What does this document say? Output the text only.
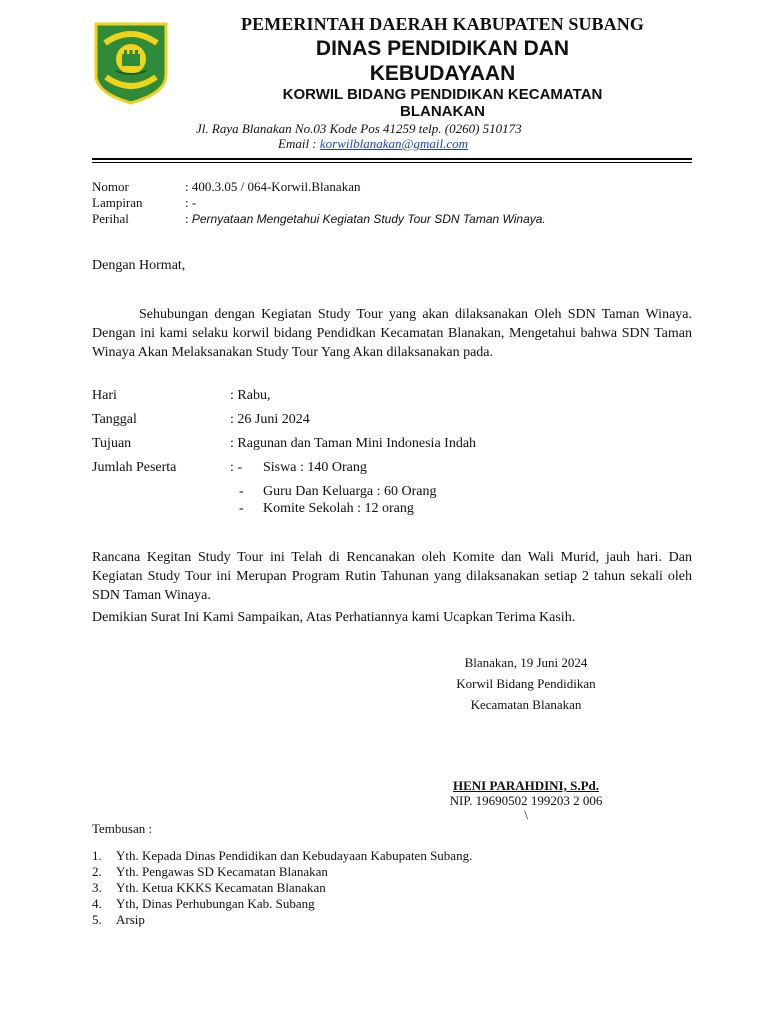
PEMERINTAH DAERAH KABUPATEN SUBANG
DINAS PENDIDIKAN DAN
KEBUDAYAAN
KORWIL BIDANG PENDIDIKAN KECAMATAN
BLANAKAN
Jl. Raya Blanakan No.03 Kode Pos 41259 telp. (0260) 510173
Email : korwilblanakan@gmail.com
Nomor	: 400.3.05 / 064-Korwil.Blanakan
Lampiran	: -
Perihal	: Pernyataan Mengetahui Kegiatan Study Tour SDN Taman Winaya.
Dengan Hormat,
Sehubungan dengan Kegiatan Study Tour yang akan dilaksanakan Oleh SDN Taman Winaya. Dengan ini kami selaku korwil bidang Pendidkan Kecamatan Blanakan, Mengetahui bahwa SDN Taman Winaya Akan Melaksanakan Study Tour Yang Akan dilaksanakan pada.
Hari	: Rabu,
Tanggal	: 26 Juni 2024
Tujuan	: Ragunan dan Taman Mini Indonesia Indah
Jumlah Peserta	: - Siswa : 140 Orang
- Guru Dan Keluarga : 60 Orang
- Komite Sekolah : 12 orang
Rancana Kegitan Study Tour ini Telah di Rencanakan oleh Komite dan Wali Murid, jauh hari. Dan Kegiatan Study Tour ini Merupan Program Rutin Tahunan yang dilaksanakan setiap 2 tahun sekali oleh SDN Taman Winaya.
Demikian Surat Ini Kami Sampaikan, Atas Perhatiannya kami Ucapkan Terima Kasih.
Blanakan, 19 Juni 2024
Korwil Bidang Pendidikan
Kecamatan Blanakan
HENI PARAHDINI, S.Pd.
NIP. 19690502 199203 2 006
\
Tembusan :
1. Yth. Kepada Dinas Pendidikan dan Kebudayaan Kabupaten Subang.
2. Yth. Pengawas SD Kecamatan Blanakan
3. Yth. Ketua KKKS Kecamatan Blanakan
4. Yth, Dinas Perhubungan Kab. Subang
5. Arsip
